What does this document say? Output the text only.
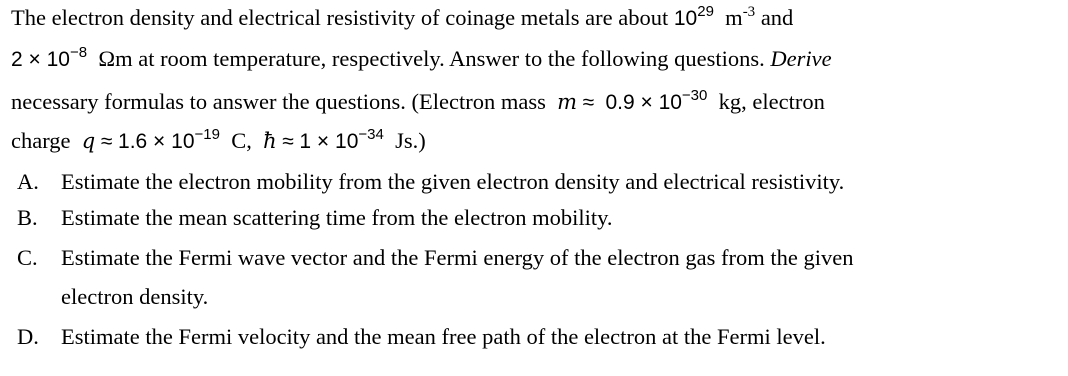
The electron density and electrical resistivity of coinage metals are about $10^{29}$ $m^{-3}$ and
$2 \times 10^{-8}$ Ωm at room temperature, respectively. Answer to the following questions. Derive
necessary formulas to answer the questions. (Electron mass $m \approx 0.9 \times 10^{-30}$ kg, electron
charge $q \approx 1.6 \times 10^{-19}$ C, ħ ≈ $1 \times 10^{-34}$ Js.)
A. Estimate the electron mobility from the given electron density and electrical resistivity.
B. Estimate the mean scattering time from the electron mobility.
C. Estimate the Fermi wave vector and the Fermi energy of the electron gas from the given
electron density.
D. Estimate the Fermi velocity and the mean free path of the electron at the Fermi level.
